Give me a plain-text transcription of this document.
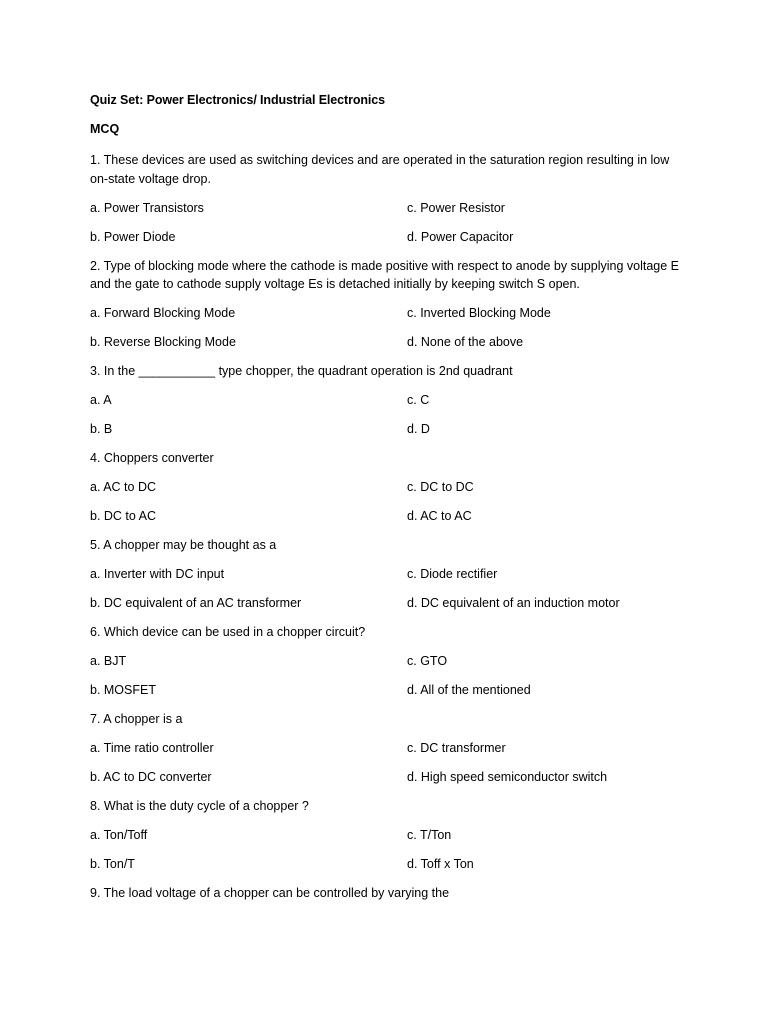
Quiz Set: Power Electronics/ Industrial Electronics
MCQ
1. These devices are used as switching devices and are operated in the saturation region resulting in low on-state voltage drop.
a. Power Transistors	c. Power Resistor
b. Power Diode	d. Power Capacitor
2. Type of blocking mode where the cathode is made positive with respect to anode by supplying voltage E and the gate to cathode supply voltage Es is detached initially by keeping switch S open.
a. Forward Blocking Mode	c. Inverted Blocking Mode
b. Reverse Blocking Mode	d. None of the above
3. In the ___________ type chopper, the quadrant operation is 2nd quadrant
a. A	c. C
b. B	d. D
4. Choppers converter
a. AC to DC	c. DC to DC
b. DC to AC	d. AC to AC
5. A chopper may be thought as a
a. Inverter with DC input	c. Diode rectifier
b. DC equivalent of an AC transformer	d. DC equivalent of an induction motor
6. Which device can be used in a chopper circuit?
a. BJT	c. GTO
b. MOSFET	d. All of the mentioned
7. A chopper is a
a. Time ratio controller	c. DC transformer
b. AC to DC converter	d. High speed semiconductor switch
8. What is the duty cycle of a chopper ?
a. Ton/Toff	c. T/Ton
b. Ton/T	d. Toff x Ton
9. The load voltage of a chopper can be controlled by varying the
